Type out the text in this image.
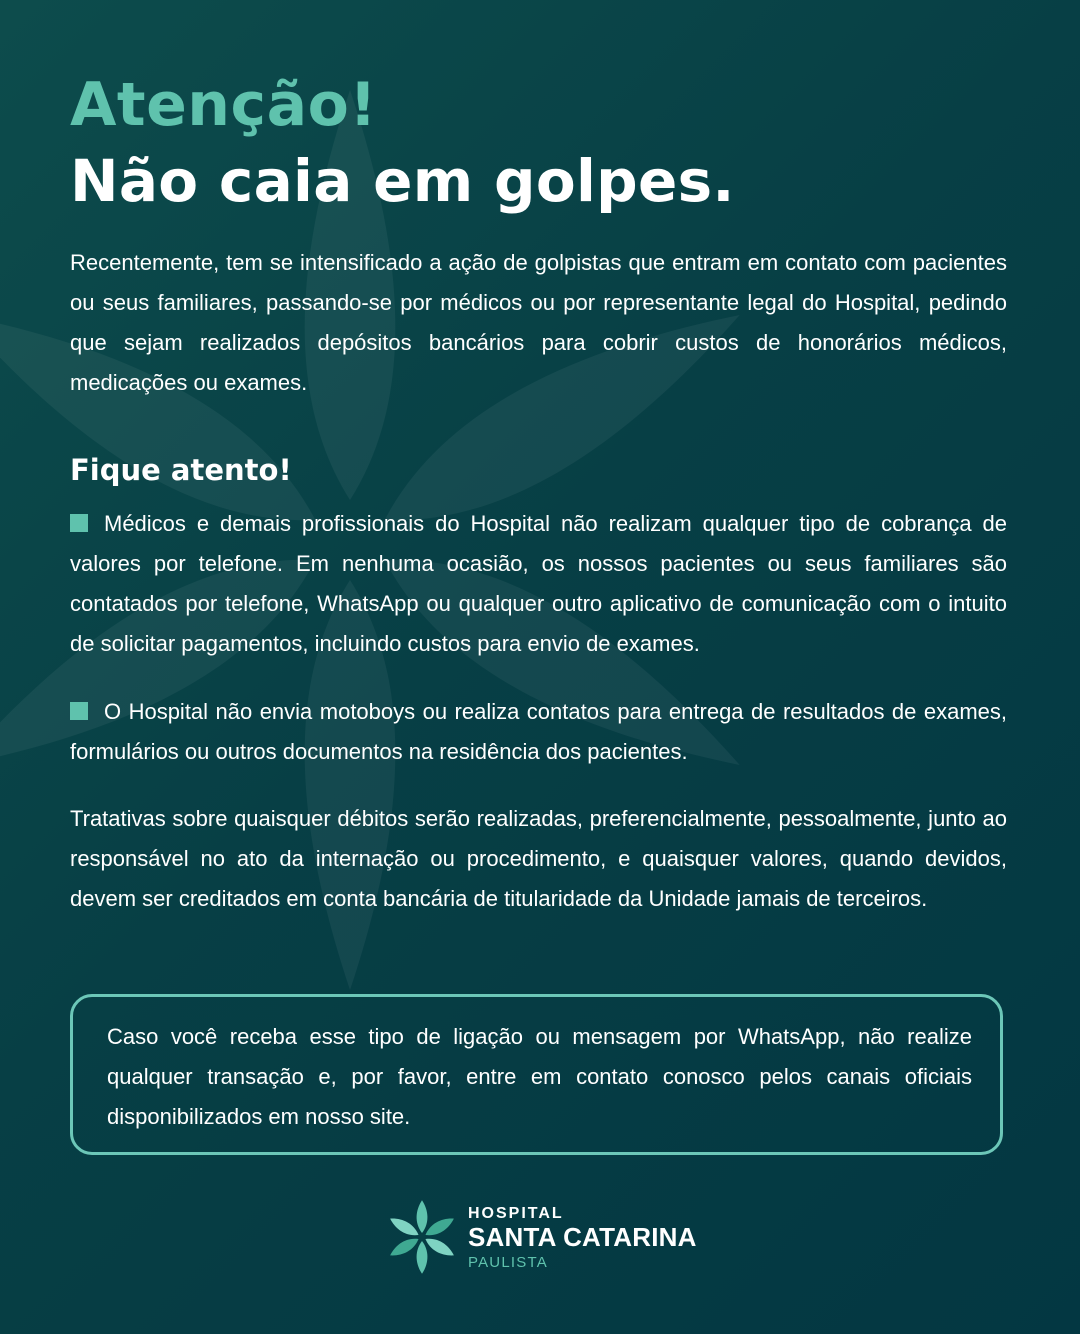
Atenção!
Não caia em golpes.

Recentemente, tem se intensificado a ação de golpistas que entram em contato com pacientes ou seus familiares, passando-se por médicos ou por representante legal do Hospital, pedindo que sejam realizados depósitos bancários para cobrir custos de honorários médicos, medicações ou exames.

Fique atento!

Médicos e demais profissionais do Hospital não realizam qualquer tipo de cobrança de valores por telefone. Em nenhuma ocasião, os nossos pacientes ou seus familiares são contatados por telefone, WhatsApp ou qualquer outro aplicativo de comunicação com o intuito de solicitar pagamentos, incluindo custos para envio de exames.

O Hospital não envia motoboys ou realiza contatos para entrega de resultados de exames, formulários ou outros documentos na residência dos pacientes.

Tratativas sobre quaisquer débitos serão realizadas, preferencialmente, pessoalmente, junto ao responsável no ato da internação ou procedimento, e quaisquer valores, quando devidos, devem ser creditados em conta bancária de titularidade da Unidade jamais de terceiros.

Caso você receba esse tipo de ligação ou mensagem por WhatsApp, não realize qualquer transação e, por favor, entre em contato conosco pelos canais oficiais disponibilizados em nosso site.

HOSPITAL

SANTA CATARINA

PAULISTA
